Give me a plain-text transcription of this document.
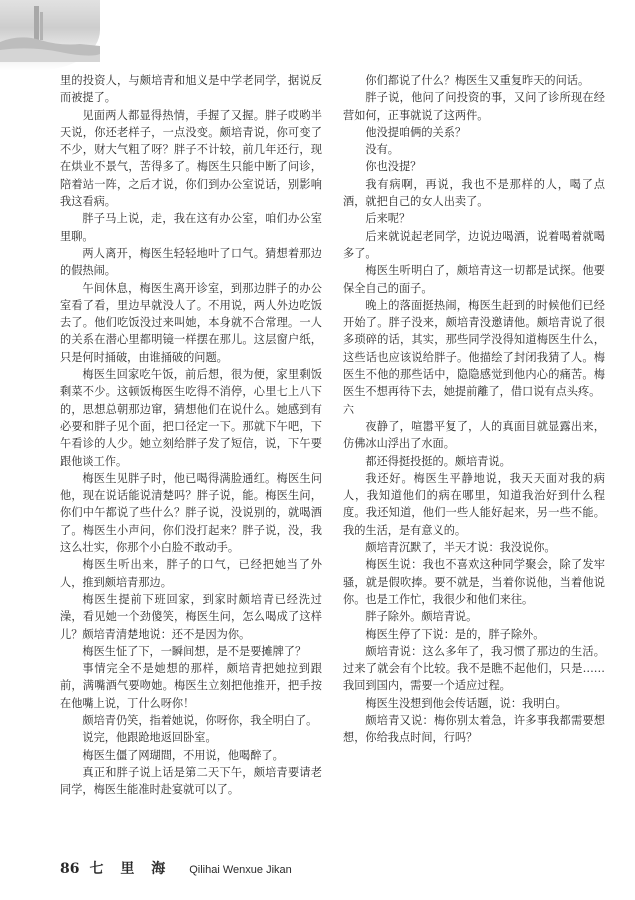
里的投资人，与颇培青和旭义是中学老同学，据说反而被提了。

见面两人都显得热情，手握了又握。胖子哎哟半天说，你还老样子，一点没变。颇培青说，你可变了不少，财大气粗了呀？胖子不计较，前几年还行，现在烘业不景气，苦得多了。梅医生只能中断了问诊，陪着站一阵，之后才说，你们到办公室说话，别影响我这看病。

胖子马上说，走，我在这有办公室，咱们办公室里聊。

两人离开，梅医生轻轻地叶了口气。猜想着那边的假热闹。

午间休息，梅医生离开诊室，到那边胖子的办公室看了看，里边早就没人了。不用说，两人外边吃饭去了。他们吃饭没过来叫她，本身就不合常理。一人的关系在潜心里都明镜一样摆在那儿。这层窗户纸，只是何时捅破，由谁捅破的问题。

梅医生回家吃午饭，前后想，很为便，家里剩饭剩菜不少。这顿饭梅医生吃得不消停，心里七上八下的，思想总朝那边窜，猜想他们在说什么。她感到有必要和胖子见个面，把口径定一下。那就下午吧，下午看诊的人少。她立刻给胖子发了短信，说，下午要跟他谈工作。

梅医生见胖子时，他已喝得满脸通红。梅医生问他，现在说话能说清楚吗？胖子说，能。梅医生问，你们中午都说了些什么？胖子说，没说别的，就喝酒了。梅医生小声问，你们没打起来？胖子说，没，我这么壮实，你那个小白脸不敢动手。

梅医生听出来，胖子的口气，已经把她当了外人，推到颇培青那边。

梅医生提前下班回家，到家时颇培青已经洗过澡，看见她一个劲傻笑，梅医生问，怎么喝成了这样儿？颇培青清楚地说：还不是因为你。

梅医生怔了下，一瞬间想，是不是要摊牌了？

事情完全不是她想的那样，颇培青把她拉到跟前，满嘴酒气要吻她。梅医生立刻把他推开，把手按在他嘴上说，丁什么呀你！

颇培青仍笑，指着她说，你呀你，我全明白了。

说完，他跟跄地返回卧室。

梅医生僵了网瑚間，不用说，他喝醉了。

真正和胖子说上话是第二天下午，颇培青要请老同学，梅医生能准时赴宴就可以了。

你们都说了什么？梅医生又重复昨天的问话。

胖子说，他问了问投资的事，又问了诊所现在经营如何，正事就说了这两件。

他没提咱俩的关系？

没有。

你也没提？

我有病啊，再说，我也不是那样的人，喝了点酒，就把自己的女人出卖了。

后来呢？

后来就说起老同学，边说边喝酒，说着喝着就喝多了。

梅医生听明白了，颇培青这一切都是试探。他要保全自己的面子。

晚上的落面挺热闹，梅医生赶到的时候他们已经开始了。胖子没来，颇培青没邀请他。颇培青说了很多琐碎的话，其实，那些同学没得知道梅医生什么，这些话也应该说给胖子。他描绘了封闭我猜了人。梅医生不他的那些话中，隐隐感觉到他内心的痛苦。梅医生不想再待下去，她提前離了，借口说有点头疼。

六

夜静了，喧嚣平复了，人的真面目就显露出来，仿佛冰山浮出了水面。

都还得挺投挺的。颇培青说。

我还好。梅医生平静地说，我天天面对我的病人，我知道他们的病在哪里，知道我治好到什么程度。我还知道，他们一些人能好起来，另一些不能。我的生活，是有意义的。

颇培青沉默了，半天才说：我没说你。

梅医生说：我也不喜欢这种同学聚会，除了发牢骚，就是假吹捧。要不就是，当着你说他，当着他说你。也是工作忙，我很少和他们来往。

胖子除外。颇培青说。

梅医生停了下说：是的，胖子除外。

颇培青说：这么多年了，我习惯了那边的生活。过来了就会有个比较。我不是瞧不起他们，只是……我回到国内，需要一个适应过程。

梅医生没想到他会传话题，说：我明白。

颇培青又说：梅你别太着急，许多事我都需要想想，你给我点时间，行吗？

86 七 里 海 Qilihai Wenxue Jikan
